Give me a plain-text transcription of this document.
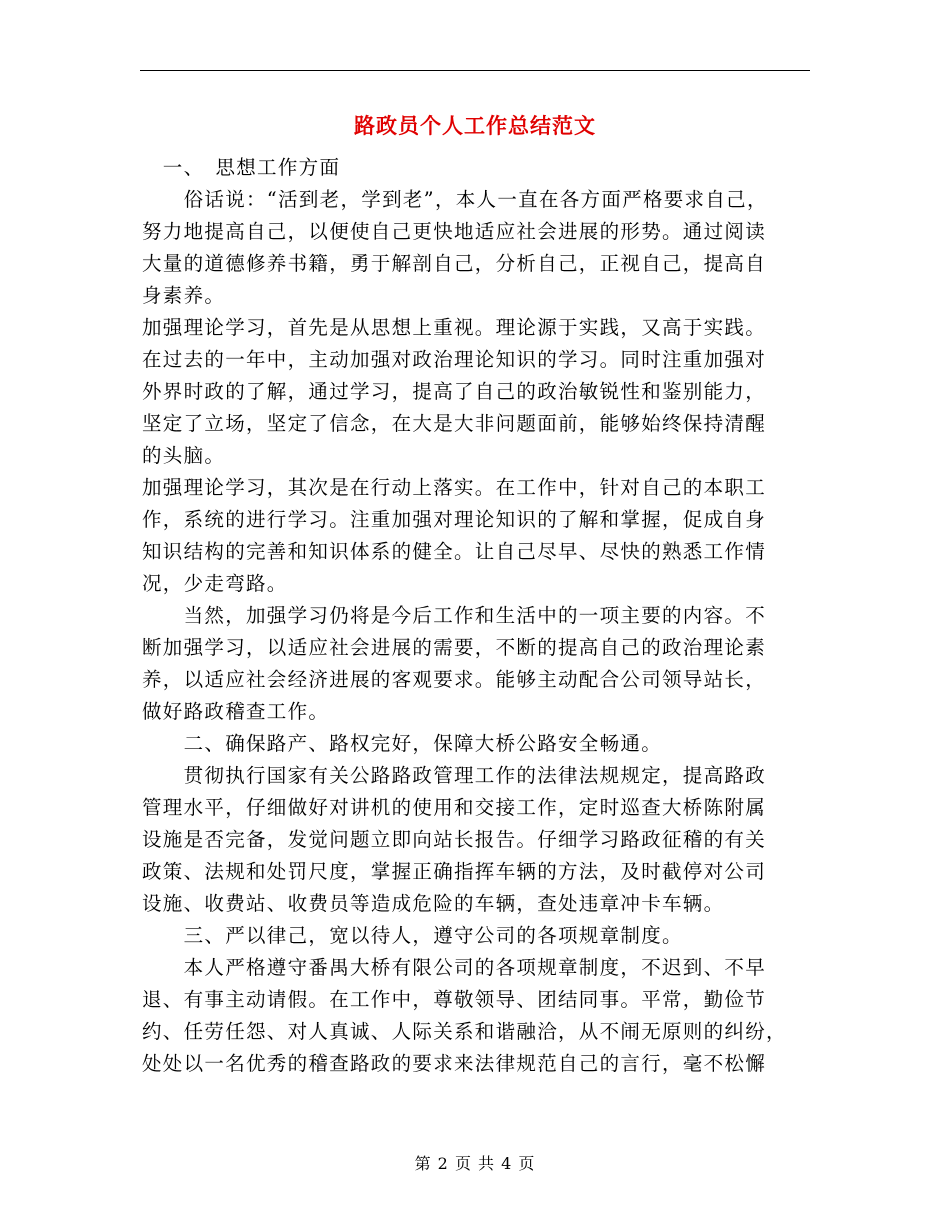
路政员个人工作总结范文
　一、　思想工作方面
　　俗话说：“活到老，学到老”，本人一直在各方面严格要求自己，
努力地提高自己，以便使自己更快地适应社会进展的形势。通过阅读
大量的道德修养书籍，勇于解剖自己，分析自己，正视自己，提高自
身素养。
加强理论学习，首先是从思想上重视。理论源于实践，又高于实践。
在过去的一年中，主动加强对政治理论知识的学习。同时注重加强对
外界时政的了解，通过学习，提高了自己的政治敏锐性和鉴别能力，
坚定了立场，坚定了信念，在大是大非问题面前，能够始终保持清醒
的头脑。
加强理论学习，其次是在行动上落实。在工作中，针对自己的本职工
作，系统的进行学习。注重加强对理论知识的了解和掌握，促成自身
知识结构的完善和知识体系的健全。让自己尽早、尽快的熟悉工作情
况，少走弯路。
　　当然，加强学习仍将是今后工作和生活中的一项主要的内容。不
断加强学习，以适应社会进展的需要，不断的提高自己的政治理论素
养，以适应社会经济进展的客观要求。能够主动配合公司领导站长，
做好路政稽查工作。
　　二、确保路产、路权完好，保障大桥公路安全畅通。
　　贯彻执行国家有关公路路政管理工作的法律法规规定，提高路政
管理水平，仔细做好对讲机的使用和交接工作，定时巡查大桥陈附属
设施是否完备，发觉问题立即向站长报告。仔细学习路政征稽的有关
政策、法规和处罚尺度，掌握正确指挥车辆的方法，及时截停对公司
设施、收费站、收费员等造成危险的车辆，查处违章冲卡车辆。
　　三、严以律己，宽以待人，遵守公司的各项规章制度。
　　本人严格遵守番禺大桥有限公司的各项规章制度，不迟到、不早
退、有事主动请假。在工作中，尊敬领导、团结同事。平常，勤俭节
约、任劳任怨、对人真诚、人际关系和谐融洽，从不闹无原则的纠纷，
处处以一名优秀的稽查路政的要求来法律规范自己的言行，毫不松懈
第 2 页 共 4 页
